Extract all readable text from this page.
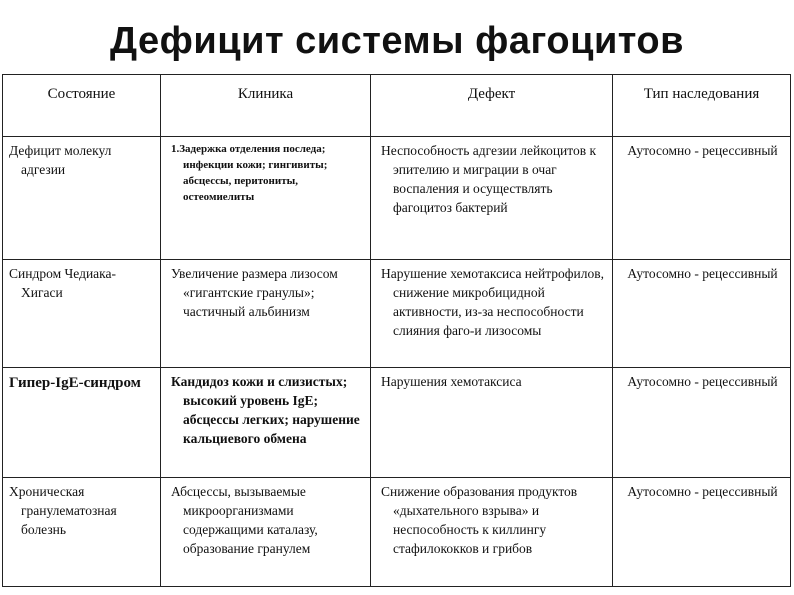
Дефицит системы фагоцитов
Состояние	Клиника	Дефект	Тип наследования

Дефицит молекул адгезии	1.Задержка отделения последа; инфекции кожи; гингивиты; абсцессы, перитониты, остеомиелиты	Неспособность адгезии лейкоцитов к эпителию и миграции в очаг воспаления и осуществлять фагоцитоз бактерий	Аутосомно - рецессивный

Синдром Чедиака-Хигаси	Увеличение размера лизосом «гигантские гранулы»; частичный альбинизм	Нарушение хемотаксиса нейтрофилов, снижение микробицидной активности, из-за неспособности слияния фаго-и лизосомы	Аутосомно - рецессивный

Гипер-IgE-синдром	Кандидоз кожи и слизистых; высокий уровень IgE; абсцессы легких; нарушение кальциевого обмена	Нарушения хемотаксиса	Аутосомно - рецессивный

Хроническая гранулематозная болезнь	Абсцессы, вызываемые микроорганизмами содержащими каталазу, образование гранулем	Снижение образования продуктов «дыхательного взрыва» и неспособность к киллингу стафилококков и грибов	Аутосомно - рецессивный
